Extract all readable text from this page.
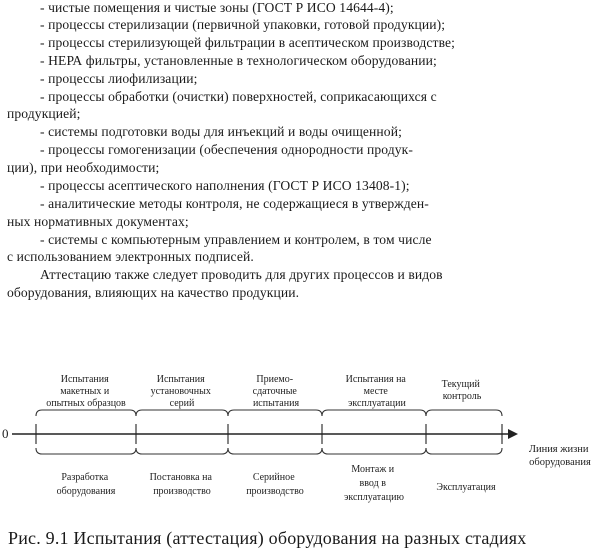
- чистые помещения и чистые зоны (ГОСТ Р ИСО 14644-4);
- процессы стерилизации (первичной упаковки, готовой продукции);
- процессы стерилизующей фильтрации в асептическом производстве;
- НЕРА фильтры, установленные в технологическом оборудовании;
- процессы лиофилизации;
- процессы обработки (очистки) поверхностей, соприкасающихся с
продукцией;
- системы подготовки воды для инъекций и воды очищенной;
- процессы гомогенизации (обеспечения однородности продук-
ции), при необходимости;
- процессы асептического наполнения (ГОСТ Р ИСО 13408-1);
- аналитические методы контроля, не содержащиеся в утвержден-
ных нормативных документах;
- системы с компьютерным управлением и контролем, в том числе
с использованием электронных подписей.
Аттестацию также следует проводить для других процессов и видов
оборудования, влияющих на качество продукции.
Испытания макетных и опытных образцов
Испытания установочных серий
Приемо- сдаточные испытания
Испытания на месте эксплуатации
Текущий контроль
0
Линия жизни оборудования
Разработка оборудования
Постановка на производство
Серийное производство
Монтаж и ввод в эксплуатацию
Эксплуатация
Рис. 9.1 Испытания (аттестация) оборудования на разных стадиях
